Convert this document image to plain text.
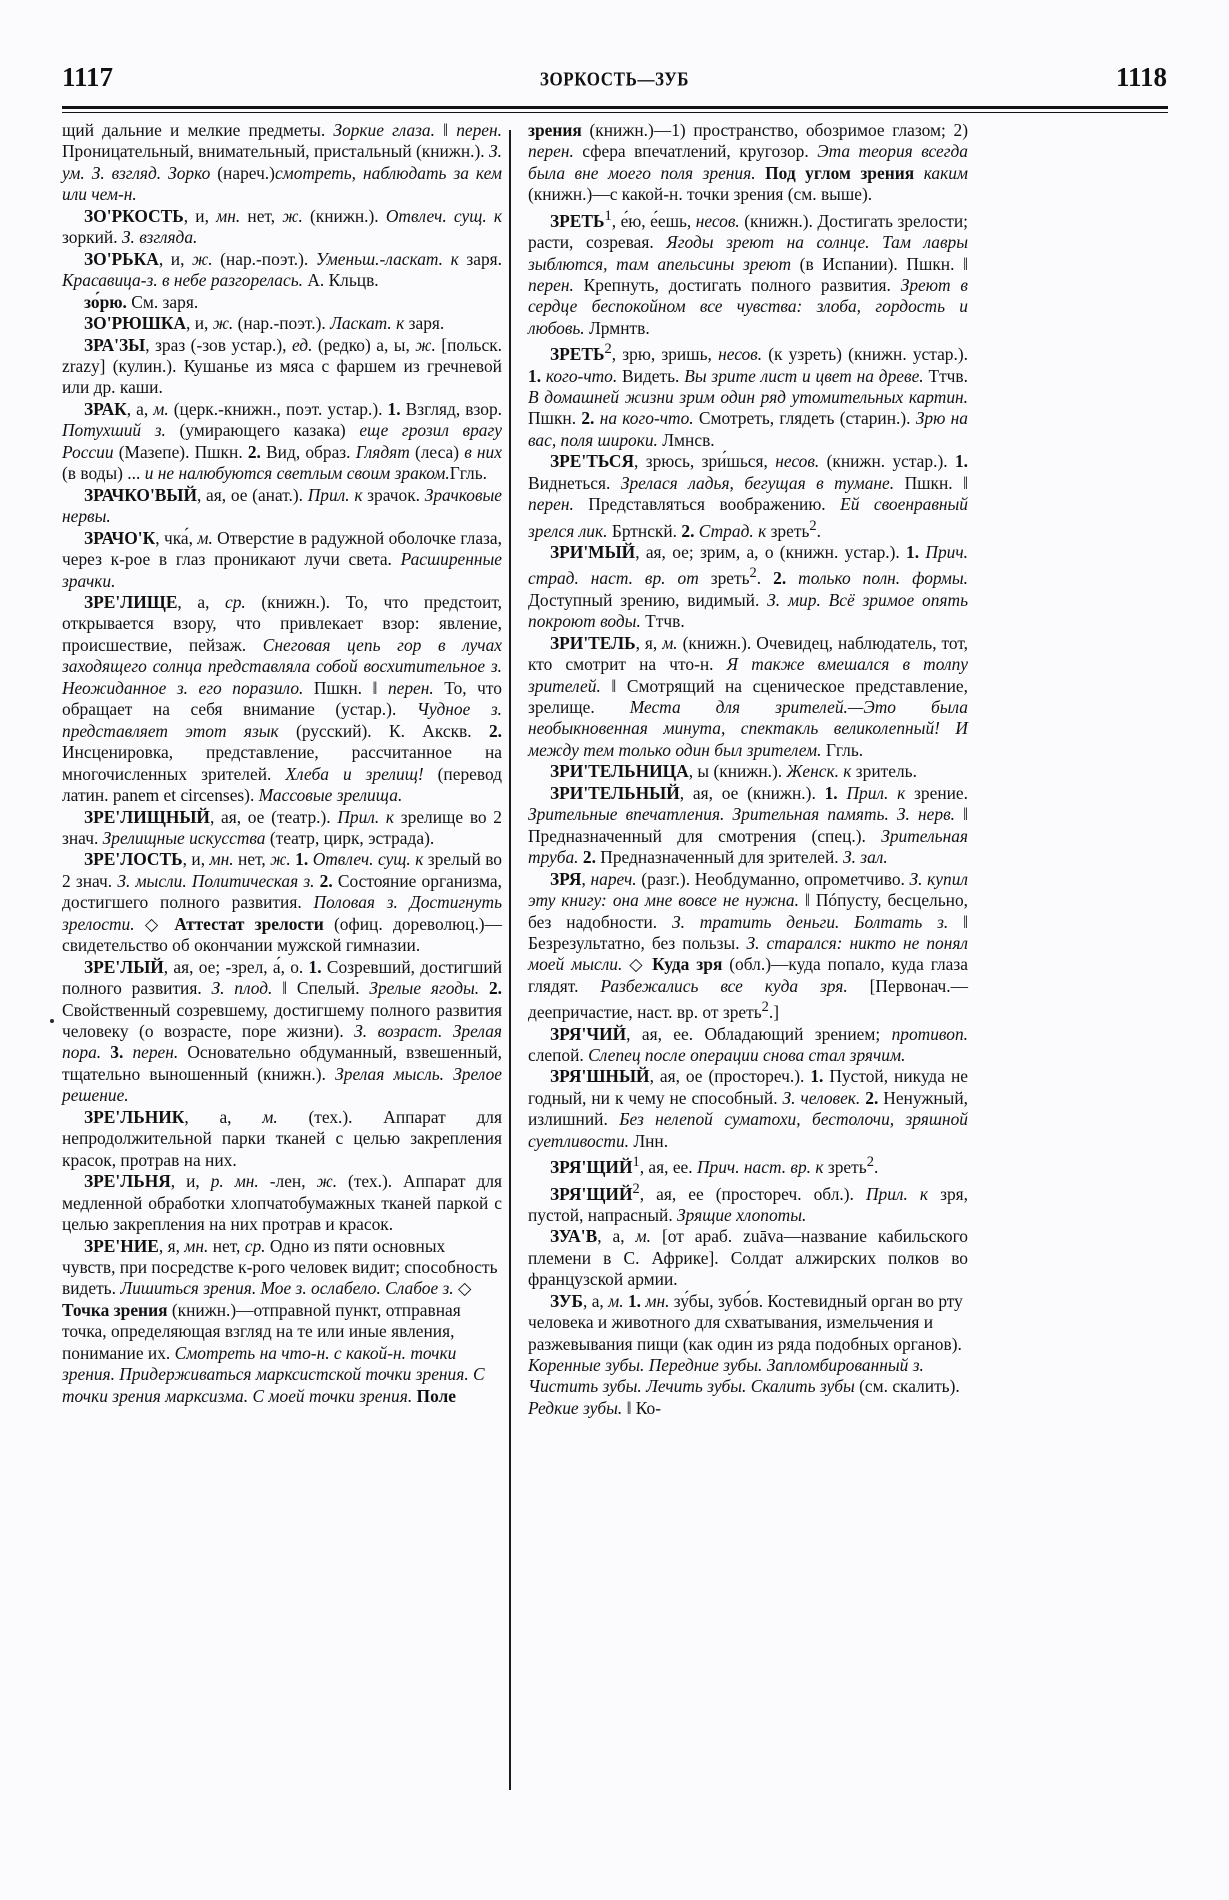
1117	ЗОРКОСТЬ—ЗУБ	1118

щий дальние и мелкие предметы. Зоркие глаза. ‖ перен. Проницательный, внимательный, пристальный (книжн.). З. ум. З. взгляд. Зорко (нареч.)смотреть, наблюдать за кем или чем-н.

ЗО'РКОСТЬ, и, мн. нет, ж. (книжн.). Отвлеч. сущ. к зоркий. З. взгляда.

ЗО'РЬКА, и, ж. (нар.-поэт.). Уменьш.-ласкат. к заря. Красавица-з. в небе разгорелась. А. Кльцв.

зо́рю. См. заря.

ЗО'РЮШКА, и, ж. (нар.-поэт.). Ласкат. к заря.

ЗРА'ЗЫ, зраз (-зов устар.), ед. (редко) а, ы, ж. [польск. zrazy] (кулин.). Кушанье из мяса с фаршем из гречневой или др. каши.

ЗРАК, а, м. (церк.-книжн., поэт. устар.). 1. Взгляд, взор. Потухший з. (умирающего казака) еще грозил врагу России (Мазепе). Пшкн. 2. Вид, образ. Глядят (леса) в них (в воды) ... и не налюбуются светлым своим зраком.Ггль.

ЗРАЧКО'ВЫЙ, ая, ое (анат.). Прил. к зрачок. Зрачковые нервы.

ЗРАЧО'К, чка́, м. Отверстие в радужной оболочке глаза, через к-рое в глаз проникают лучи света. Расширенные зрачки.

ЗРЕ'ЛИЩЕ, а, ср. (книжн.). То, что предстоит, открывается взору, что привлекает взор: явление, происшествие, пейзаж. Снеговая цепь гор в лучах заходящего солнца представляла собой восхитительное з. Неожиданное з. его поразило. Пшкн. ‖ перен. То, что обращает на себя внимание (устар.). Чудное з. представляет этот язык (русский). К. Акскв. 2. Инсценировка, представление, рассчитанное на многочисленных зрителей. Хлеба и зрелищ! (перевод латин. panem et circenses). Массовые зрелища.

ЗРЕ'ЛИЩНЫЙ, ая, ое (театр.). Прил. к зрелище во 2 знач. Зрелищные искусства (театр, цирк, эстрада).

ЗРЕ'ЛОСТЬ, и, мн. нет, ж. 1. Отвлеч. сущ. к зрелый во 2 знач. З. мысли. Политическая з. 2. Состояние организма, достигшего полного развития. Половая з. Достигнуть зрелости. ◇ Аттестат зрелости (офиц. дореволюц.)—свидетельство об окончании мужской гимназии.

ЗРЕ'ЛЫЙ, ая, ое; -зрел, а́, о. 1. Созревший, достигший полного развития. З. плод. ‖ Спелый. Зрелые ягоды. 2. Свойственный созревшему, достигшему полного развития человеку (о возрасте, поре жизни). З. возраст. Зрелая пора. 3. перен. Основательно обдуманный, взвешенный, тщательно выношенный (книжн.). Зрелая мысль. Зрелое решение.

ЗРЕ'ЛЬНИК, а, м. (тех.). Аппарат для непродолжительной парки тканей с целью закрепления красок, протрав на них.

ЗРЕ'ЛЬНЯ, и, р. мн. -лен, ж. (тех.). Аппарат для медленной обработки хлопчатобумажных тканей паркой с целью закрепления на них протрав и красок.

ЗРЕ'НИЕ, я, мн. нет, ср. Одно из пяти основных чувств, при посредстве к-рого человек видит; способность видеть. Лишиться зрения. Мое з. ослабело. Слабое з. ◇ Точка зрения (книжн.)—отправной пункт, отправная точка, определяющая взгляд на те или иные явления, понимание их. Смотреть на что-н. с какой-н. точки зрения. Придерживаться марксистской точки зрения. С точки зрения марксизма. С моей точки зрения. Поле

зрения (книжн.)—1) пространство, обозримое глазом; 2) перен. сфера впечатлений, кругозор. Эта теория всегда была вне моего поля зрения. Под углом зрения каким (книжн.)—с какой-н. точки зрения (см. выше).

ЗРЕТЬ$^1$, е́ю, е́ешь, несов. (книжн.). Достигать зрелости; расти, созревая. Ягоды зреют на солнце. Там лавры зыблются, там апельсины зреют (в Испании). Пшкн. ‖ перен. Крепнуть, достигать полного развития. Зреют в сердце беспокойном все чувства: злоба, гордость и любовь. Лрмнтв.

ЗРЕТЬ$^2$, зрю, зришь, несов. (к узреть) (книжн. устар.). 1. кого-что. Видеть. Вы зрите лист и цвет на древе. Ттчв. В домашней жизни зрим один ряд утомительных картин. Пшкн. 2. на кого-что. Смотреть, глядеть (старин.). Зрю на вас, поля широки. Лмнсв.

ЗРЕ'ТЬСЯ, зрюсь, зри́шься, несов. (книжн. устар.). 1. Виднеться. Зрелася ладья, бегущая в тумане. Пшкн. ‖ перен. Представляться воображению. Ей своенравный зрелся лик. Бртнскй. 2. Страд. к зреть$^2$.

ЗРИ'МЫЙ, ая, ое; зрим, а, о (книжн. устар.). 1. Прич. страд. наст. вр. от зреть$^2$. 2. только полн. формы. Доступный зрению, видимый. З. мир. Всё зримое опять покроют воды. Ттчв.

ЗРИ'ТЕЛЬ, я, м. (книжн.). Очевидец, наблюдатель, тот, кто смотрит на что-н. Я также вмешался в толпу зрителей. ‖ Смотрящий на сценическое представление, зрелище. Места для зрителей.—Это была необыкновенная минута, спектакль великолепный! И между тем только один был зрителем. Ггль.

ЗРИ'ТЕЛЬНИЦА, ы (книжн.). Женск. к зритель.

ЗРИ'ТЕЛЬНЫЙ, ая, ое (книжн.). 1. Прил. к зрение. Зрительные впечатления. Зрительная память. З. нерв. ‖ Предназначенный для смотрения (спец.). Зрительная труба. 2. Предназначенный для зрителей. З. зал.

ЗРЯ, нареч. (разг.). Необдуманно, опрометчиво. З. купил эту книгу: она мне вовсе не нужна. ‖ Пóпусту, бесцельно, без надобности. З. тратить деньги. Болтать з. ‖ Безрезультатно, без пользы. З. старался: никто не понял моей мысли. ◇ Куда зря (обл.)—куда попало, куда глаза глядят. Разбежались все куда зря. [Первонач.—деепричастие, наст. вр. от зреть$^2$.]

ЗРЯ'ЧИЙ, ая, ее. Обладающий зрением; противоп. слепой. Слепец после операции снова стал зрячим.

ЗРЯ'ШНЫЙ, ая, ое (простореч.). 1. Пустой, никуда не годный, ни к чему не способный. З. человек. 2. Ненужный, излишний. Без нелепой суматохи, бестолочи, зряшной суетливости. Лнн.

ЗРЯ'ЩИЙ$^1$, ая, ее. Прич. наст. вр. к зреть$^2$.

ЗРЯ'ЩИЙ$^2$, ая, ее (простореч. обл.). Прил. к зря, пустой, напрасный. Зрящие хлопоты.

ЗУА'В, а, м. [от араб. zuāva—название кабильского племени в С. Африке]. Солдат алжирских полков во французской армии.

ЗУБ, а, м. 1. мн. зу́бы, зубо́в. Костевидный орган во рту человека и животного для схватывания, измельчения и разжевывания пищи (как один из ряда подобных органов). Коренные зубы. Передние зубы. Запломбированный з. Чистить зубы. Лечить зубы. Скалить зубы (см. скалить). Редкие зубы. ‖ Ко-
